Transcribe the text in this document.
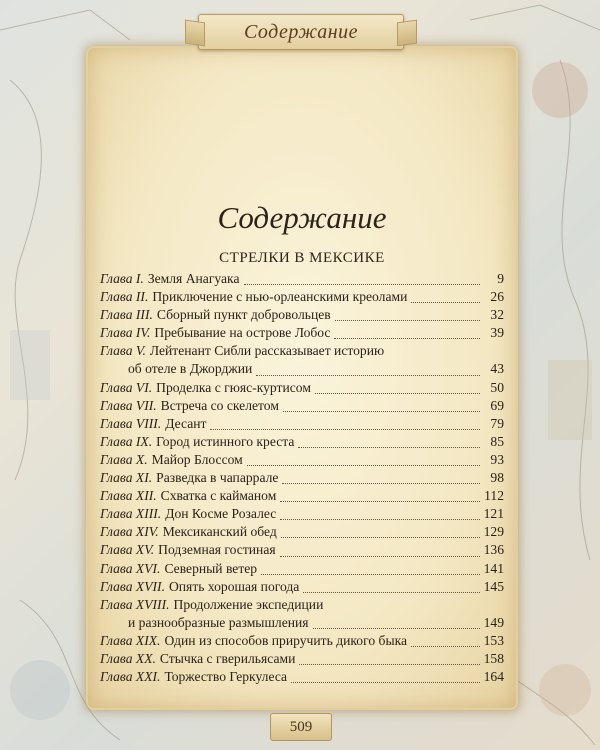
Содержание
Содержание
СТРЕЛКИ В МЕКСИКЕ
Глава I. Земля Анагуака	9
Глава II. Приключение с нью-орлеанскими креолами	26
Глава III. Сборный пункт добровольцев	32
Глава IV. Пребывание на острове Лобос	39
Глава V. Лейтенант Сибли рассказывает историю
об отеле в Джорджии	43
Глава VI. Проделка с гюяс-куртисом	50
Глава VII. Встреча со скелетом	69
Глава VIII. Десант	79
Глава IX. Город истинного креста	85
Глава X. Майор Блоссом	93
Глава XI. Разведка в чапаррале	98
Глава XII. Схватка с кайманом	112
Глава XIII. Дон Косме Розалес	121
Глава XIV. Мексиканский обед	129
Глава XV. Подземная гостиная	136
Глава XVI. Северный ветер	141
Глава XVII. Опять хорошая погода	145
Глава XVIII. Продолжение экспедиции
и разнообразные размышления	149
Глава XIX. Один из способов приручить дикого быка	153
Глава XX. Стычка с гверильясами	158
Глава XXI. Торжество Геркулеса	164
509
